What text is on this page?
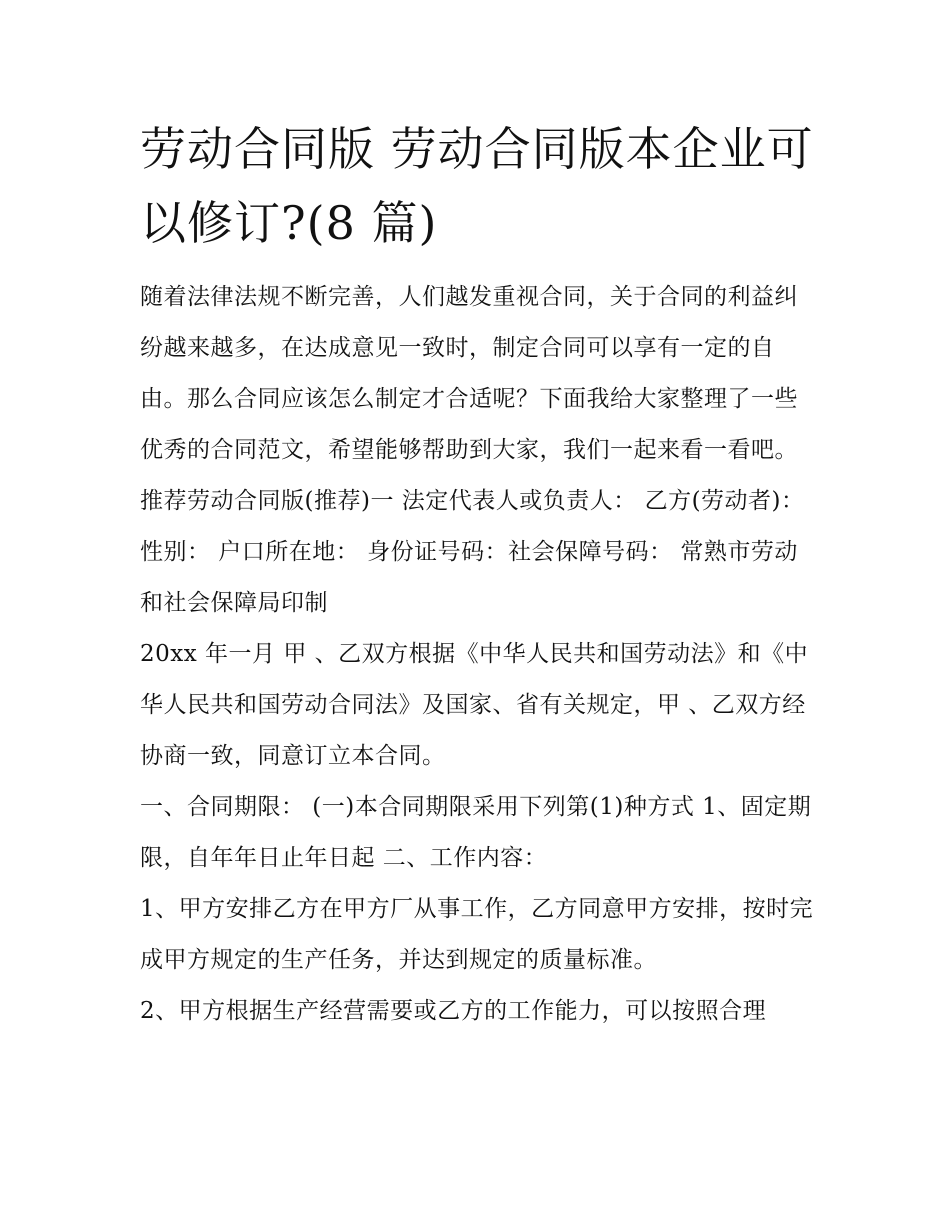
劳动合同版 劳动合同版本企业可以修订?(8 篇)

随着法律法规不断完善，人们越发重视合同，关于合同的利益纠纷越来越多，在达成意见一致时，制定合同可以享有一定的自由。那么合同应该怎么制定才合适呢？下面我给大家整理了一些优秀的合同范文，希望能够帮助到大家，我们一起来看一看吧。

推荐劳动合同版(推荐)一 法定代表人或负责人： 乙方(劳动者)： 性别： 户口所在地： 身份证号码：社会保障号码： 常熟市劳动和社会保障局印制

20xx 年一月 甲 、乙双方根据《中华人民共和国劳动法》和《中华人民共和国劳动合同法》及国家、省有关规定，甲 、乙双方经协商一致，同意订立本合同。

一、合同期限： (一)本合同期限采用下列第(1)种方式 1、固定期限，自年年日止年日起 二、工作内容：

1、甲方安排乙方在甲方厂从事工作，乙方同意甲方安排，按时完成甲方规定的生产任务，并达到规定的质量标准。

2、甲方根据生产经营需要或乙方的工作能力，可以按照合理
